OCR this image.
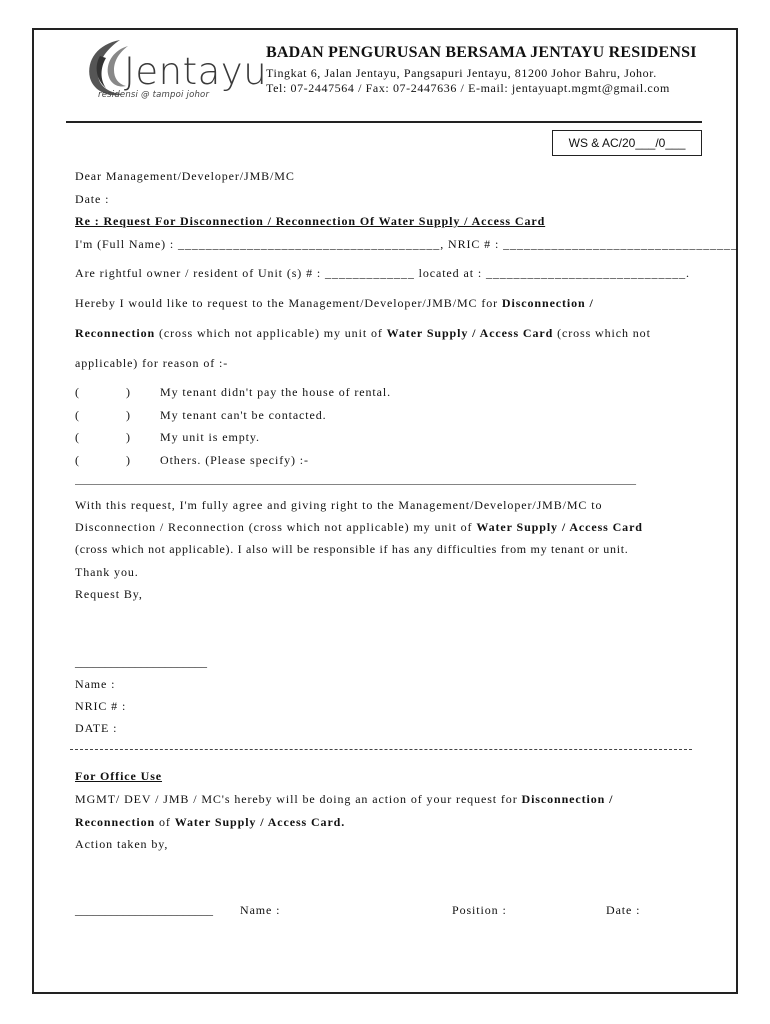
Jentayu
residensi @ tampoi johor
BADAN PENGURUSAN BERSAMA JENTAYU RESIDENSI
Tingkat 6, Jalan Jentayu, Pangsapuri Jentayu, 81200 Johor Bahru, Johor.
Tel: 07-2447564 / Fax: 07-2447636 / E-mail: jentayuapt.mgmt@gmail.com
WS & AC/20___/0___
Dear Management/Developer/JMB/MC
Date :
Re : Request For Disconnection / Reconnection Of Water Supply / Access Card
I'm (Full Name) : ______________________________________, NRIC # : __________________________________
Are rightful owner / resident of Unit (s) # : _____________ located at : _____________________________.
Hereby I would like to request to the Management/Developer/JMB/MC for Disconnection /
Reconnection (cross which not applicable) my unit of Water Supply / Access Card (cross which not
applicable) for reason of :-
(	) My tenant didn't pay the house of rental.
(	) My tenant can't be contacted.
(	) My unit is empty.
(	) Others. (Please specify) :-
______________________________________________________________________________________________________
With this request, I'm fully agree and giving right to the Management/Developer/JMB/MC to
Disconnection / Reconnection (cross which not applicable) my unit of Water Supply / Access Card
(cross which not applicable). I also will be responsible if has any difficulties from my tenant or unit.
Thank you.
Request By,
______________________
Name :
NRIC # :
DATE :
For Office Use
MGMT/ DEV / JMB / MC's hereby will be doing an action of your request for Disconnection /
Reconnection of Water Supply / Access Card.
Action taken by,
_______________________ Name :	Position :	Date :
